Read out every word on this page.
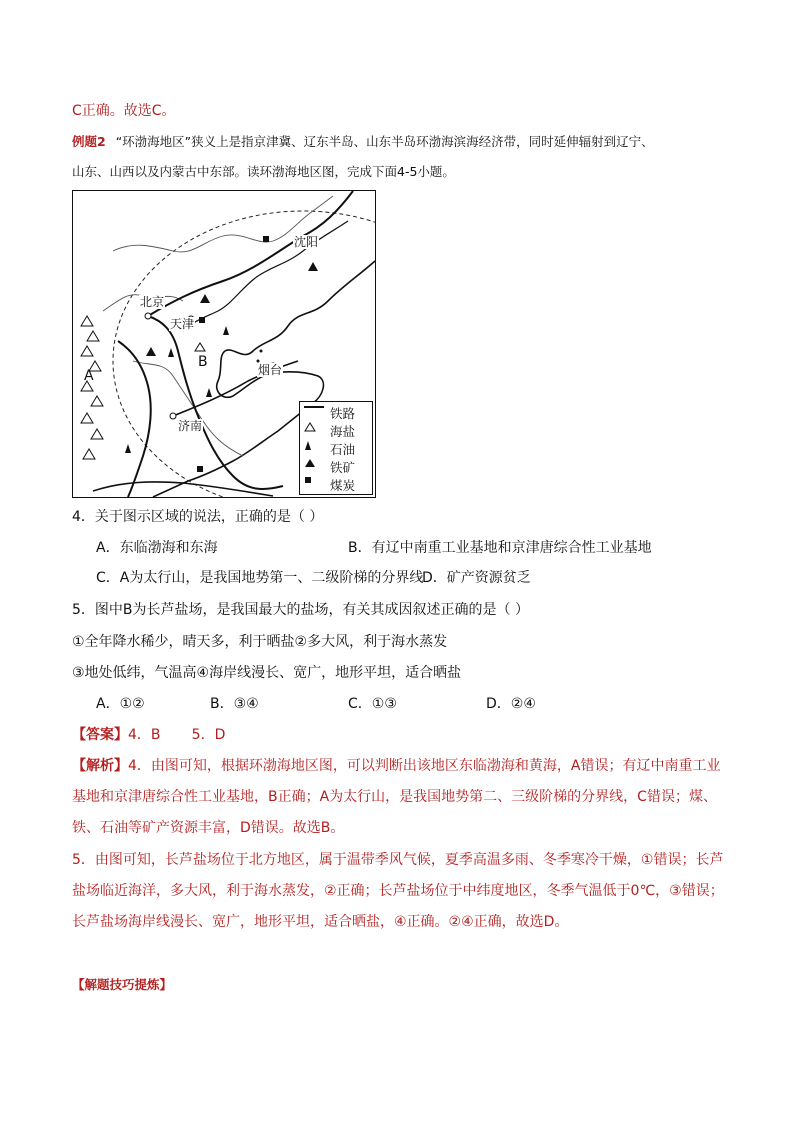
C正确。故选C。
例题2 “环渤海地区”狭义上是指京津冀、辽东半岛、山东半岛环渤海滨海经济带，同时延伸辐射到辽宁、
山东、山西以及内蒙古中东部。读环渤海地区图，完成下面4-5小题。
沈阳
北京
天津
B	烟台
济南
A
铁路
海盐
石油
铁矿
煤炭
4．关于图示区域的说法，正确的是（ ）
A．东临渤海和东海	B．有辽中南重工业基地和京津唐综合性工业基地
C．A为太行山，是我国地势第一、二级阶梯的分界线
D．矿产资源贫乏
5．图中B为长芦盐场，是我国最大的盐场，有关其成因叙述正确的是（ ）
①全年降水稀少，晴天多，利于晒盐②多大风，利于海水蒸发
③地处低纬，气温高④海岸线漫长、宽广，地形平坦，适合晒盐
A．①②	B．③④	C．①③	D．②④
【答案】4．B       5．D
【解析】4．由图可知，根据环渤海地区图，可以判断出该地区东临渤海和黄海，A错误；有辽中南重工业
基地和京津唐综合性工业基地，B正确；A为太行山，是我国地势第二、三级阶梯的分界线，C错误；煤、
铁、石油等矿产资源丰富，D错误。故选B。
5．由图可知，长芦盐场位于北方地区，属于温带季风气候，夏季高温多雨、冬季寒冷干燥，①错误；长芦
盐场临近海洋，多大风，利于海水蒸发，②正确；长芦盐场位于中纬度地区，冬季气温低于0℃，③错误；
长芦盐场海岸线漫长、宽广，地形平坦，适合晒盐，④正确。②④正确，故选D。
【解题技巧提炼】
